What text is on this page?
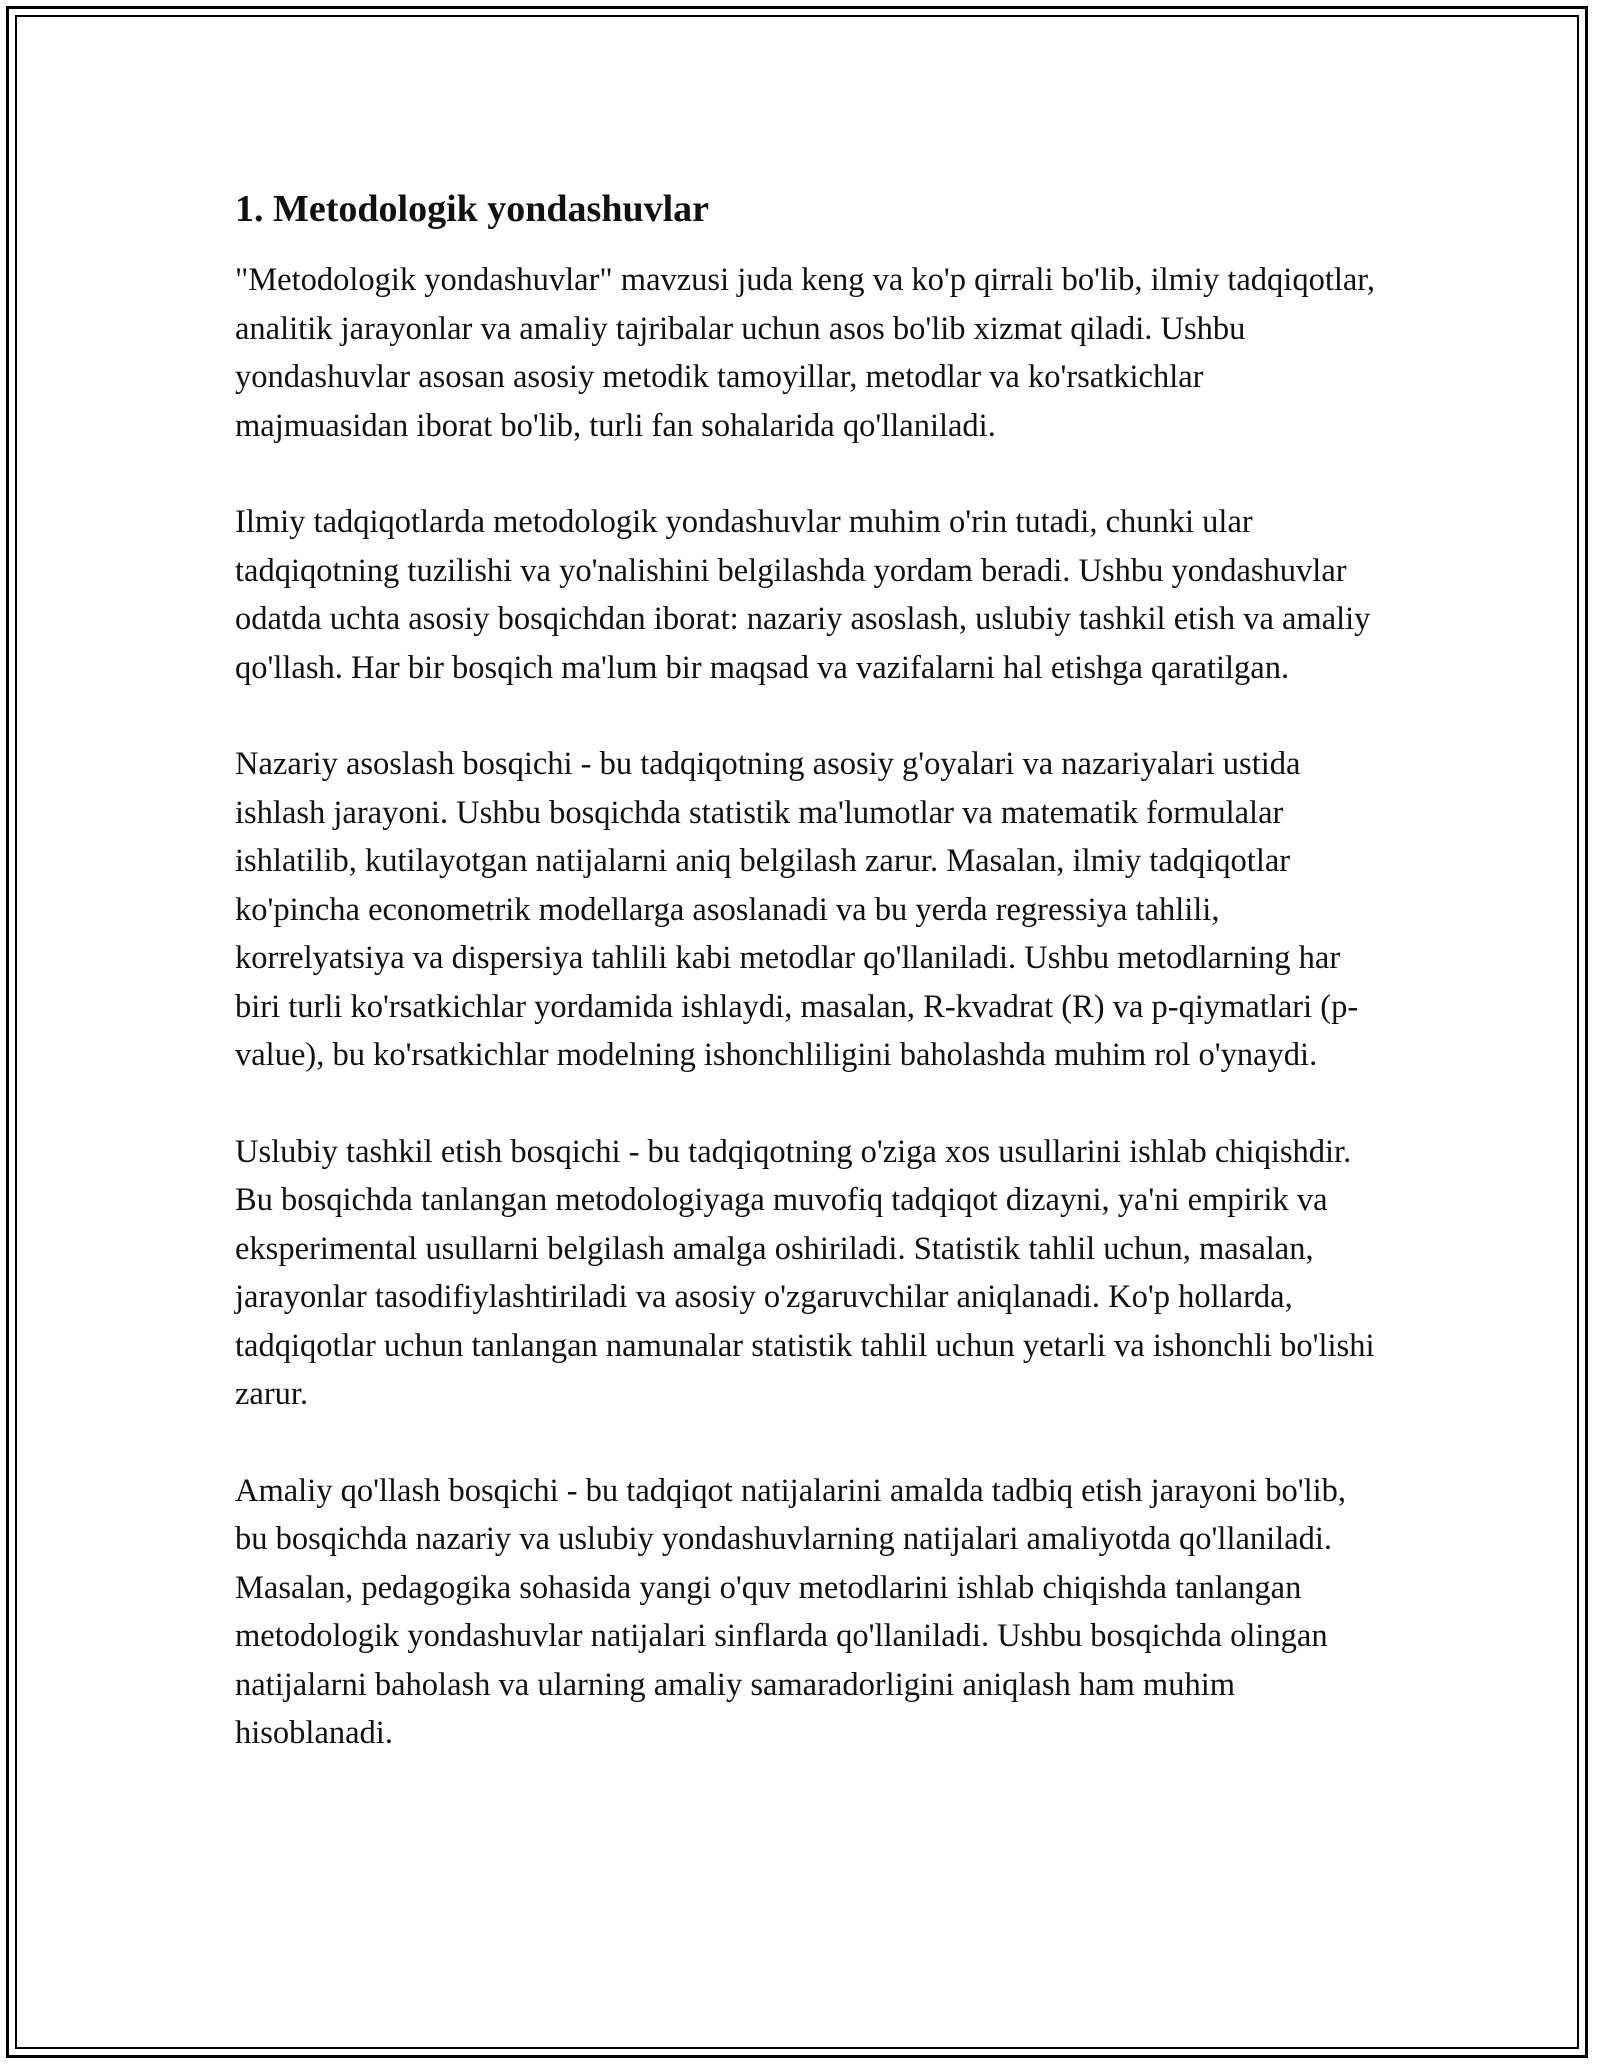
1. Metodologik yondashuvlar

"Metodologik yondashuvlar" mavzusi juda keng va ko'p qirrali bo'lib, ilmiy tadqiqotlar, analitik jarayonlar va amaliy tajribalar uchun asos bo'lib xizmat qiladi. Ushbu yondashuvlar asosan asosiy metodik tamoyillar, metodlar va ko'rsatkichlar majmuasidan iborat bo'lib, turli fan sohalarida qo'llaniladi.

Ilmiy tadqiqotlarda metodologik yondashuvlar muhim o'rin tutadi, chunki ular tadqiqotning tuzilishi va yo'nalishini belgilashda yordam beradi. Ushbu yondashuvlar odatda uchta asosiy bosqichdan iborat: nazariy asoslash, uslubiy tashkil etish va amaliy qo'llash. Har bir bosqich ma'lum bir maqsad va vazifalarni hal etishga qaratilgan.

Nazariy asoslash bosqichi - bu tadqiqotning asosiy g'oyalari va nazariyalari ustida ishlash jarayoni. Ushbu bosqichda statistik ma'lumotlar va matematik formulalar ishlatilib, kutilayotgan natijalarni aniq belgilash zarur. Masalan, ilmiy tadqiqotlar ko'pincha econometrik modellarga asoslanadi va bu yerda regressiya tahlili, korrelyatsiya va dispersiya tahlili kabi metodlar qo'llaniladi. Ushbu metodlarning har biri turli ko'rsatkichlar yordamida ishlaydi, masalan, R-kvadrat (R) va p-qiymatlari (p-value), bu ko'rsatkichlar modelning ishonchliligini baholashda muhim rol o'ynaydi.

Uslubiy tashkil etish bosqichi - bu tadqiqotning o'ziga xos usullarini ishlab chiqishdir. Bu bosqichda tanlangan metodologiyaga muvofiq tadqiqot dizayni, ya'ni empirik va eksperimental usullarni belgilash amalga oshiriladi. Statistik tahlil uchun, masalan, jarayonlar tasodifiylashtiriladi va asosiy o'zgaruvchilar aniqlanadi. Ko'p hollarda, tadqiqotlar uchun tanlangan namunalar statistik tahlil uchun yetarli va ishonchli bo'lishi zarur.

Amaliy qo'llash bosqichi - bu tadqiqot natijalarini amalda tadbiq etish jarayoni bo'lib, bu bosqichda nazariy va uslubiy yondashuvlarning natijalari amaliyotda qo'llaniladi. Masalan, pedagogika sohasida yangi o'quv metodlarini ishlab chiqishda tanlangan metodologik yondashuvlar natijalari sinflarda qo'llaniladi. Ushbu bosqichda olingan natijalarni baholash va ularning amaliy samaradorligini aniqlash ham muhim hisoblanadi.
